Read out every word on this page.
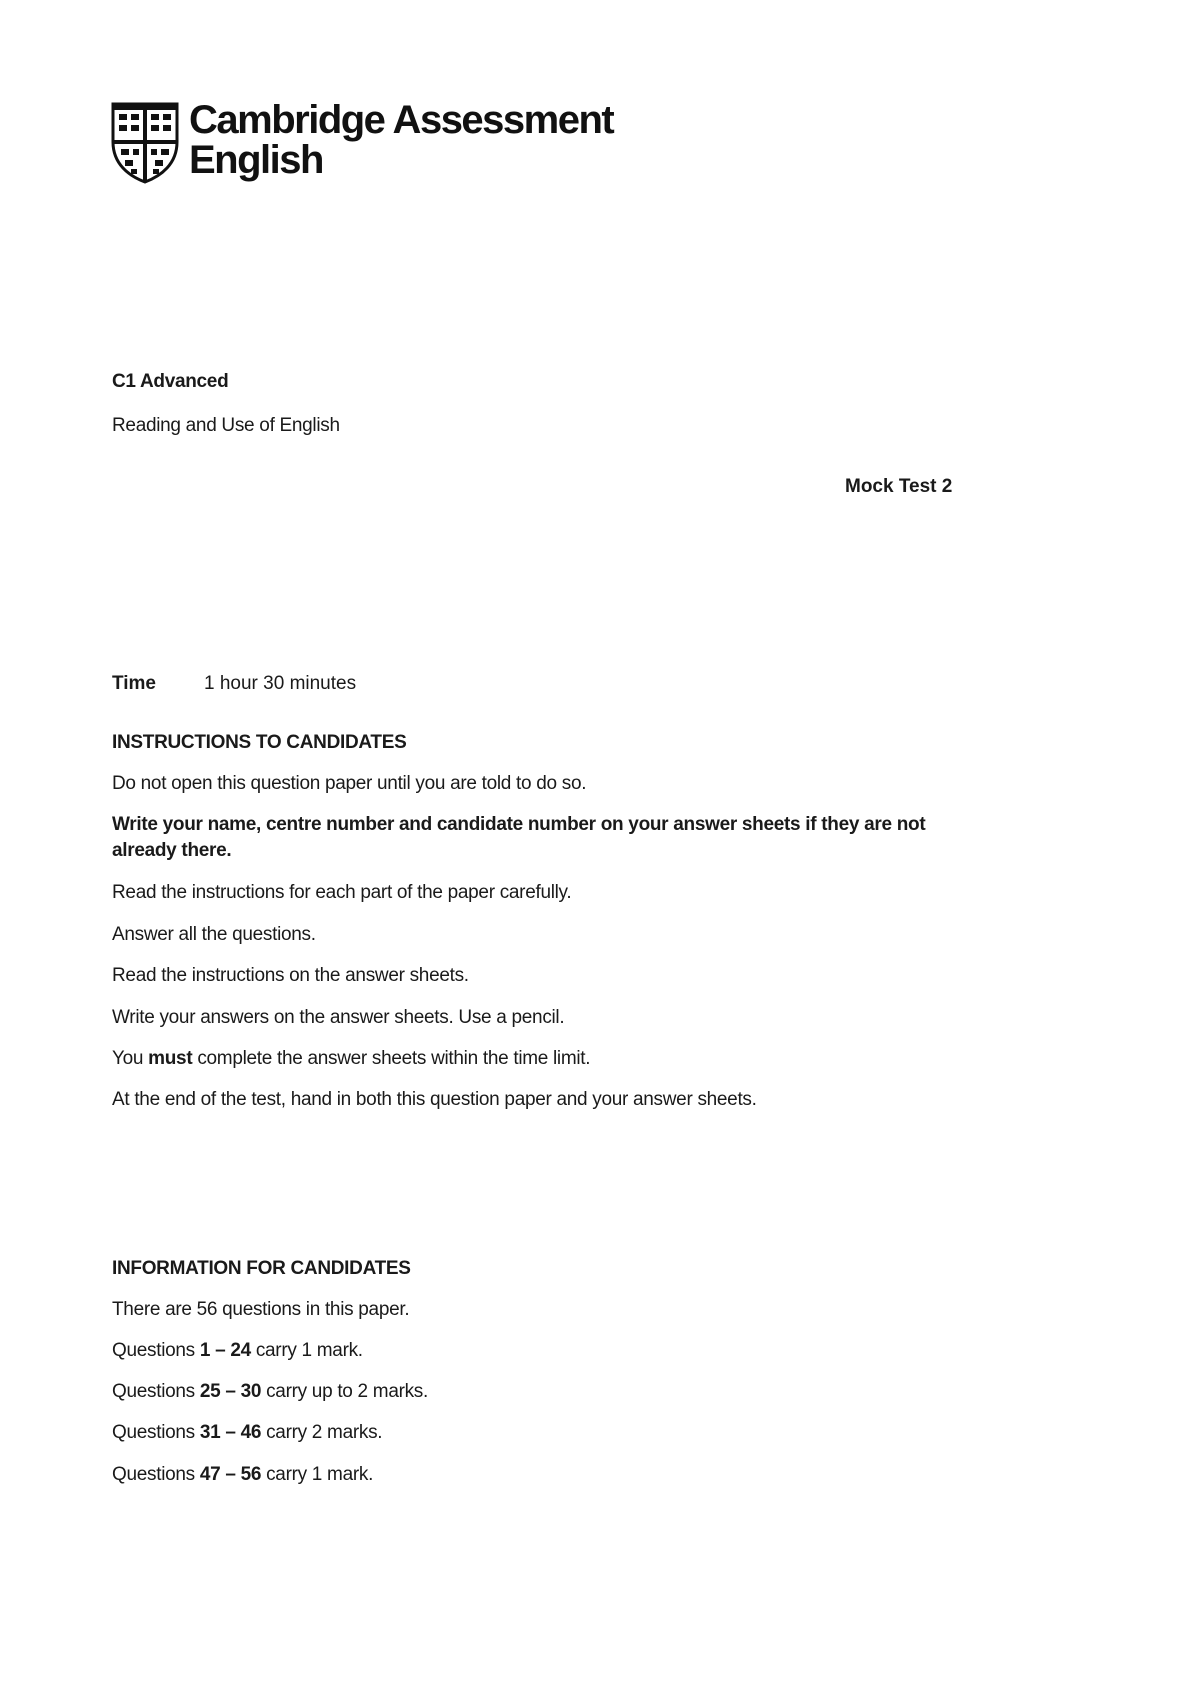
Cambridge Assessment
English
C1 Advanced
Reading and Use of English
Mock Test 2
Time	1 hour 30 minutes
INSTRUCTIONS TO CANDIDATES
Do not open this question paper until you are told to do so.
Write your name, centre number and candidate number on your answer sheets if they are not already there.
Read the instructions for each part of the paper carefully.
Answer all the questions.
Read the instructions on the answer sheets.
Write your answers on the answer sheets. Use a pencil.
You must complete the answer sheets within the time limit.
At the end of the test, hand in both this question paper and your answer sheets.
INFORMATION FOR CANDIDATES
There are 56 questions in this paper.
Questions 1 – 24 carry 1 mark.
Questions 25 – 30 carry up to 2 marks.
Questions 31 – 46 carry 2 marks.
Questions 47 – 56 carry 1 mark.
